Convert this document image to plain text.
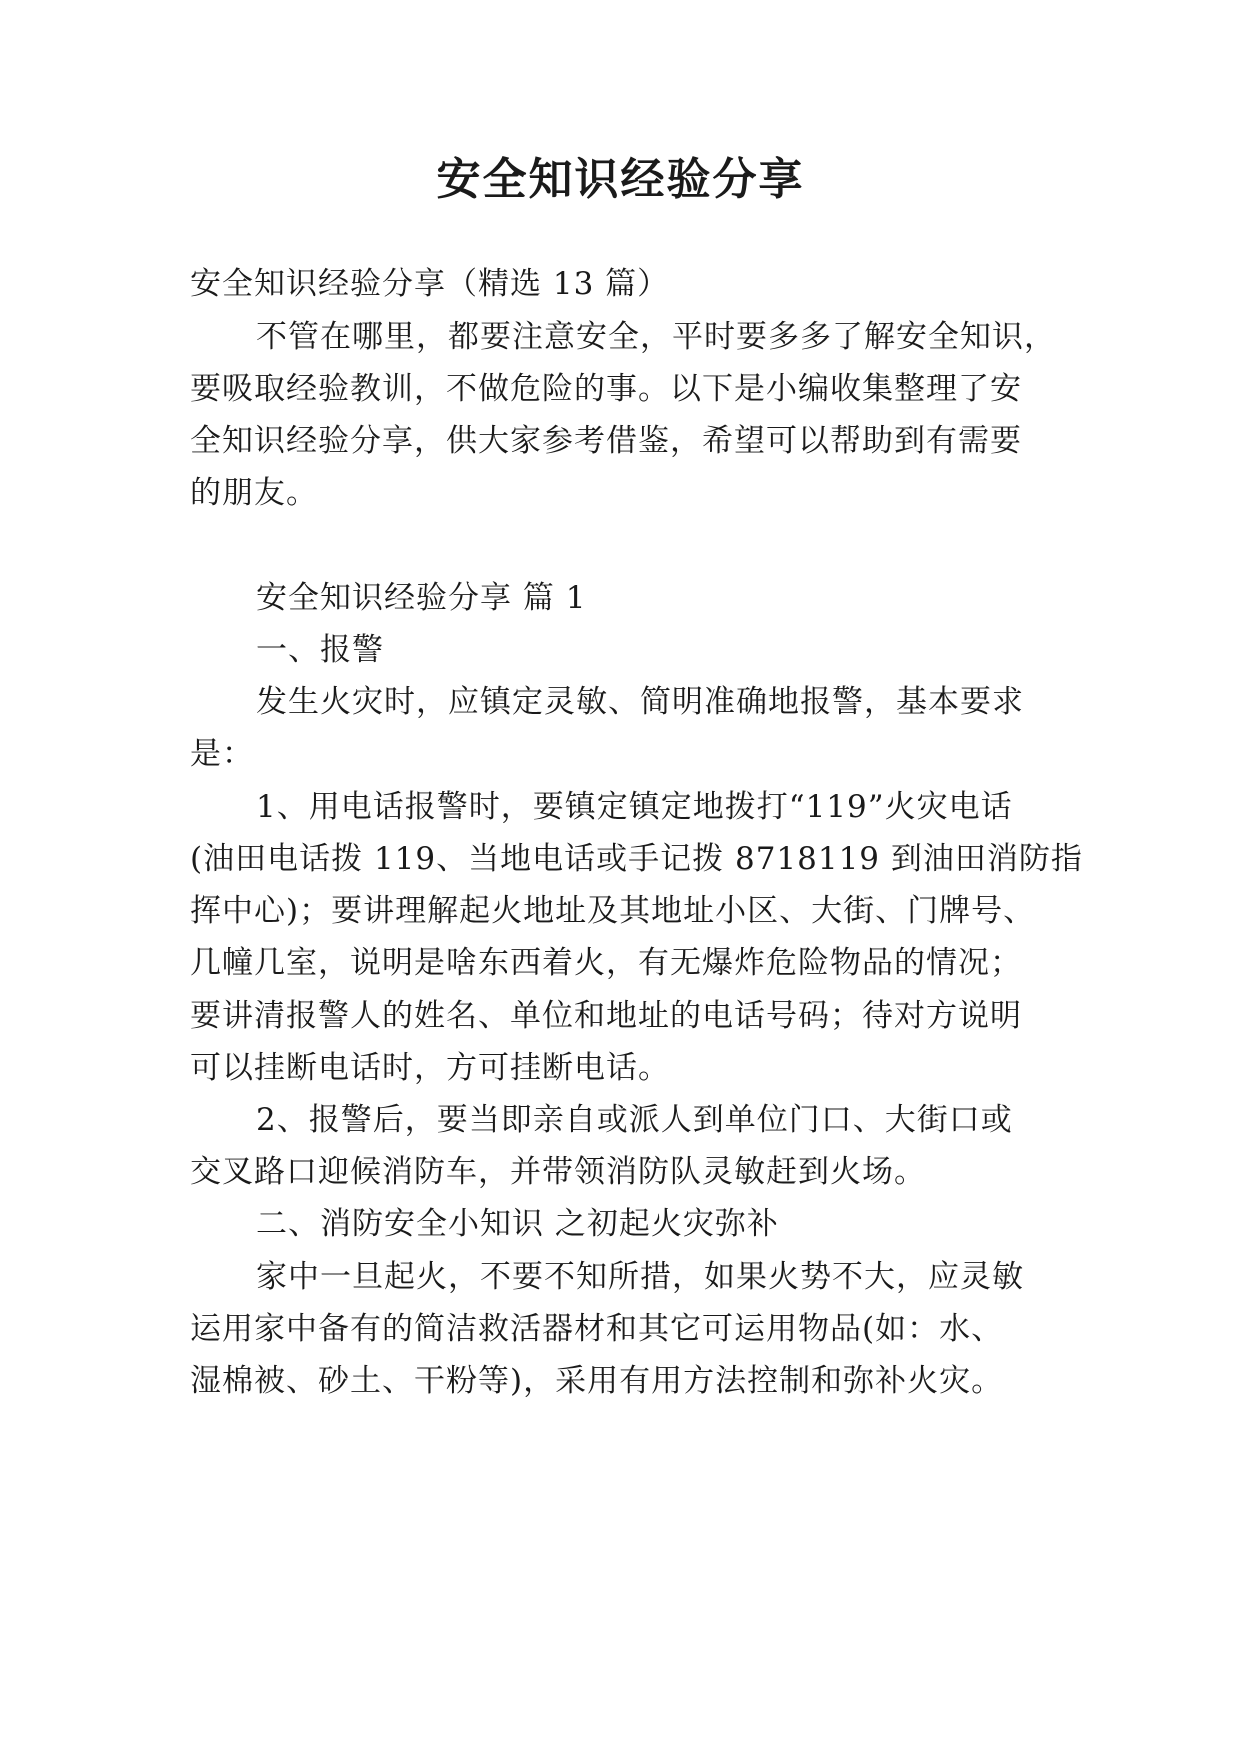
安全知识经验分享

安全知识经验分享（精选 13 篇）

不管在哪里，都要注意安全，平时要多多了解安全知识，

要吸取经验教训，不做危险的事。以下是小编收集整理了安

全知识经验分享，供大家参考借鉴，希望可以帮助到有需要

的朋友。

安全知识经验分享 篇 1

一、报警

发生火灾时，应镇定灵敏、简明准确地报警，基本要求

是：

1、用电话报警时，要镇定镇定地拨打“119”火灾电话

(油田电话拨 119、当地电话或手记拨 8718119 到油田消防指

挥中心)；要讲理解起火地址及其地址小区、大街、门牌号、

几幢几室，说明是啥东西着火，有无爆炸危险物品的情况；

要讲清报警人的姓名、单位和地址的电话号码；待对方说明

可以挂断电话时，方可挂断电话。

2、报警后，要当即亲自或派人到单位门口、大街口或

交叉路口迎候消防车，并带领消防队灵敏赶到火场。

二、消防安全小知识 之初起火灾弥补

家中一旦起火，不要不知所措，如果火势不大，应灵敏

运用家中备有的简洁救活器材和其它可运用物品(如：水、

湿棉被、砂土、干粉等)，采用有用方法控制和弥补火灾。
